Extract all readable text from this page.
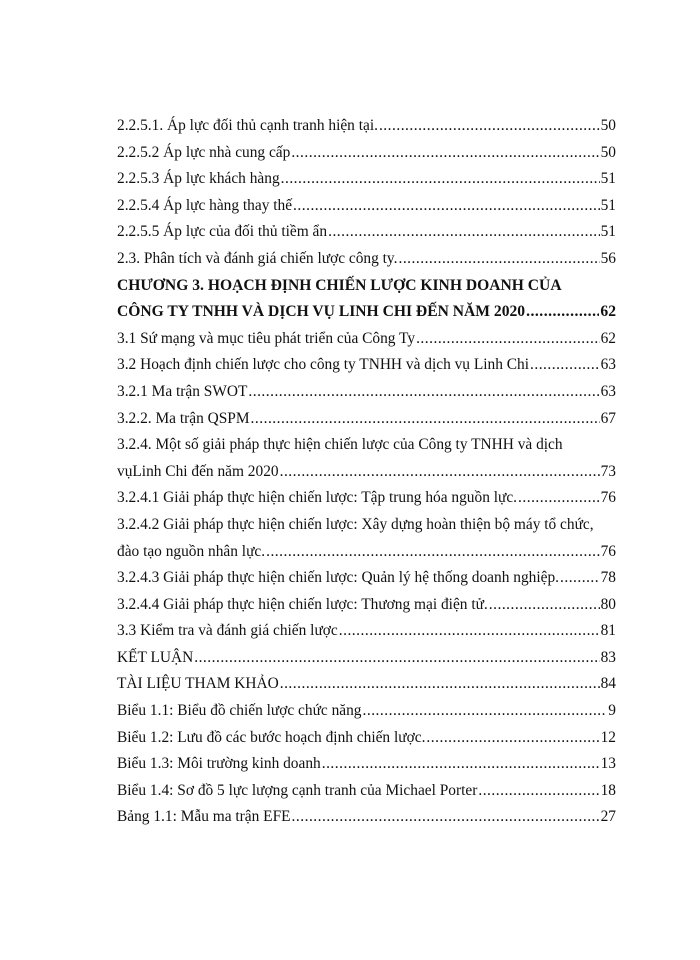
2.2.5.1. Áp lực đối thủ cạnh tranh hiện tại. .....	50
2.2.5.2 Áp lực nhà cung cấp .....	50
2.2.5.3 Áp lực khách hàng .....	51
2.2.5.4 Áp lực hàng thay thế .....	51
2.2.5.5 Áp lực của đối thủ tiềm ẩn .....	51
2.3. Phân tích và đánh giá chiến lược công ty. .....	56
CHƯƠNG 3. HOẠCH ĐỊNH CHIẾN LƯỢC KINH DOANH CỦA
CÔNG TY TNHH VÀ DỊCH VỤ LINH CHI ĐẾN NĂM 2020 .....	62
3.1 Sứ mạng và mục tiêu phát triển của Công Ty .....	62
3.2 Hoạch định chiến lược cho công ty TNHH và dịch vụ Linh Chi .....	63
3.2.1 Ma trận SWOT .....	63
3.2.2. Ma trận QSPM .....	67
3.2.4. Một số giải pháp thực hiện chiến lược của Công ty TNHH và dịch
vụLinh Chi đến năm 2020 .....	73
3.2.4.1 Giải pháp thực hiện chiến lược: Tập trung hóa nguồn lực. .....	76
3.2.4.2 Giải pháp thực hiện chiến lược: Xây dựng hoàn thiện bộ máy tổ chức,
đào tạo nguồn nhân lực. .....	76
3.2.4.3 Giải pháp thực hiện chiến lược: Quản lý hệ thống doanh nghiệp. .....	78
3.2.4.4 Giải pháp thực hiện chiến lược: Thương mại điện tử. .....	80
3.3 Kiểm tra và đánh giá chiến lược .....	81
KẾT LUẬN .....	83
TÀI LIỆU THAM KHẢO .....	84
Biểu 1.1: Biểu đồ chiến lược chức năng .....	9
Biểu 1.2: Lưu đồ các bước hoạch định chiến lược. .....	12
Biểu 1.3: Môi trường kinh doanh .....	13
Biểu 1.4: Sơ đồ 5 lực lượng cạnh tranh của Michael Porter .....	18
Bảng 1.1: Mẫu ma trận EFE .....	27
